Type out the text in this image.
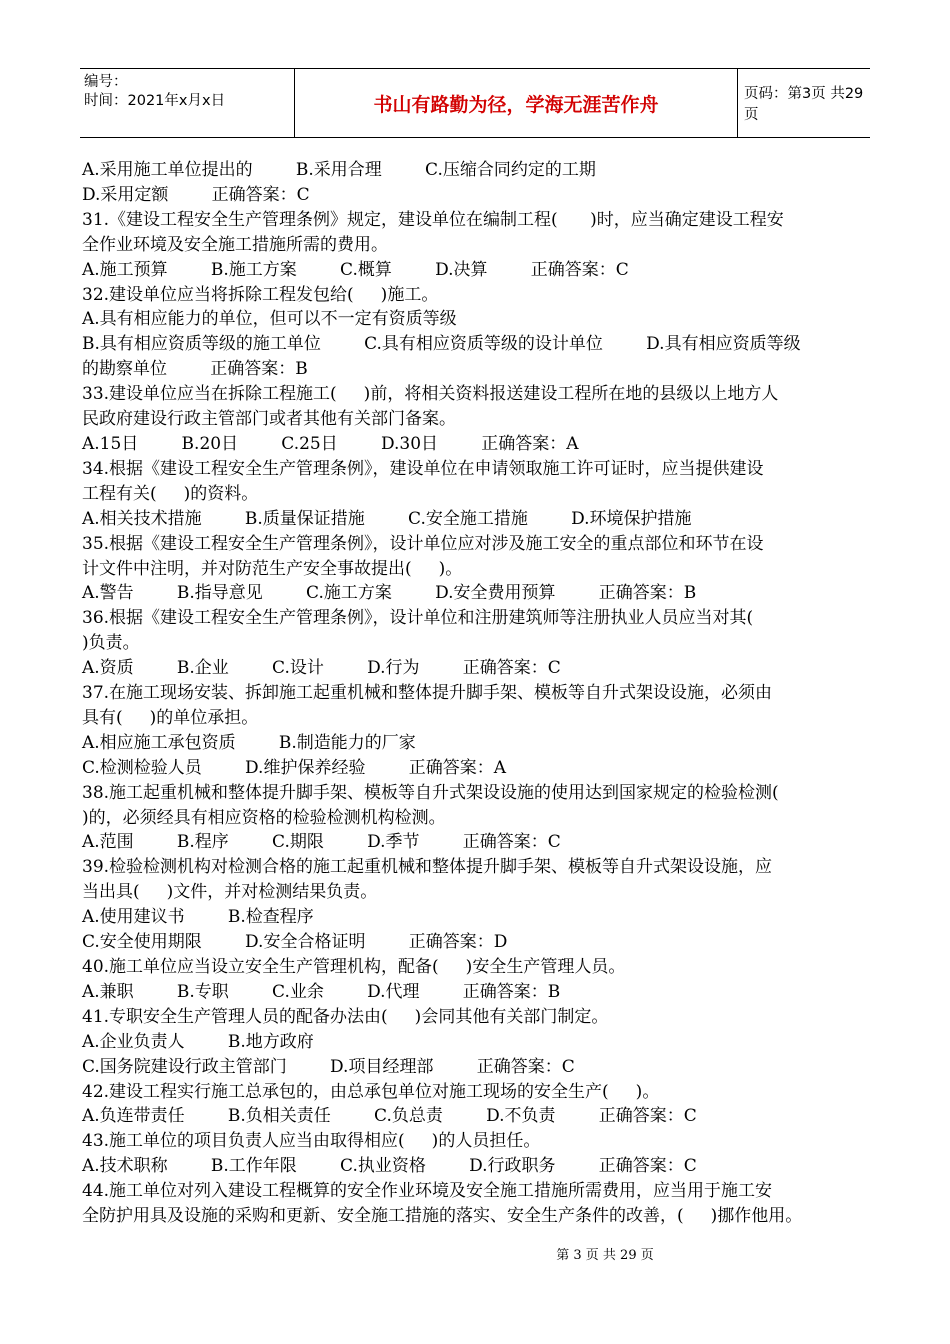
编号：
时间：2021年x月x日	书山有路勤为径，学海无涯苦作舟	页码：第3页 共29页
A.采用施工单位提出的        B.采用合理        C.压缩合同约定的工期
D.采用定额        正确答案：C
31.《建设工程安全生产管理条例》规定，建设单位在编制工程(      )时，应当确定建设工程安
全作业环境及安全施工措施所需的费用。
A.施工预算        B.施工方案        C.概算        D.决算        正确答案：C
32.建设单位应当将拆除工程发包给(     )施工。
A.具有相应能力的单位，但可以不一定有资质等级
B.具有相应资质等级的施工单位        C.具有相应资质等级的设计单位        D.具有相应资质等级
的勘察单位        正确答案：B
33.建设单位应当在拆除工程施工(     )前，将相关资料报送建设工程所在地的县级以上地方人
民政府建设行政主管部门或者其他有关部门备案。
A.15日        B.20日        C.25日        D.30日        正确答案：A
34.根据《建设工程安全生产管理条例》，建设单位在申请领取施工许可证时，应当提供建设
工程有关(     )的资料。
A.相关技术措施        B.质量保证措施        C.安全施工措施        D.环境保护措施
35.根据《建设工程安全生产管理条例》，设计单位应对涉及施工安全的重点部位和环节在设
计文件中注明，并对防范生产安全事故提出(     )。
A.警告        B.指导意见        C.施工方案        D.安全费用预算        正确答案：B
36.根据《建设工程安全生产管理条例》，设计单位和注册建筑师等注册执业人员应当对其(
)负责。
A.资质        B.企业        C.设计        D.行为        正确答案：C
37.在施工现场安装、拆卸施工起重机械和整体提升脚手架、模板等自升式架设设施，必须由
具有(     )的单位承担。
A.相应施工承包资质        B.制造能力的厂家
C.检测检验人员        D.维护保养经验        正确答案：A
38.施工起重机械和整体提升脚手架、模板等自升式架设设施的使用达到国家规定的检验检测(
)的，必须经具有相应资格的检验检测机构检测。
A.范围        B.程序        C.期限        D.季节        正确答案：C
39.检验检测机构对检测合格的施工起重机械和整体提升脚手架、模板等自升式架设设施，应
当出具(     )文件，并对检测结果负责。
A.使用建议书        B.检查程序
C.安全使用期限        D.安全合格证明        正确答案：D
40.施工单位应当设立安全生产管理机构，配备(     )安全生产管理人员。
A.兼职        B.专职        C.业余        D.代理        正确答案：B
41.专职安全生产管理人员的配备办法由(     )会同其他有关部门制定。
A.企业负责人        B.地方政府
C.国务院建设行政主管部门        D.项目经理部        正确答案：C
42.建设工程实行施工总承包的，由总承包单位对施工现场的安全生产(     )。
A.负连带责任        B.负相关责任        C.负总责        D.不负责        正确答案：C
43.施工单位的项目负责人应当由取得相应(     )的人员担任。
A.技术职称        B.工作年限        C.执业资格        D.行政职务        正确答案：C
44.施工单位对列入建设工程概算的安全作业环境及安全施工措施所需费用，应当用于施工安
全防护用具及设施的采购和更新、安全施工措施的落实、安全生产条件的改善，(     )挪作他用。
第 3 页 共 29 页
